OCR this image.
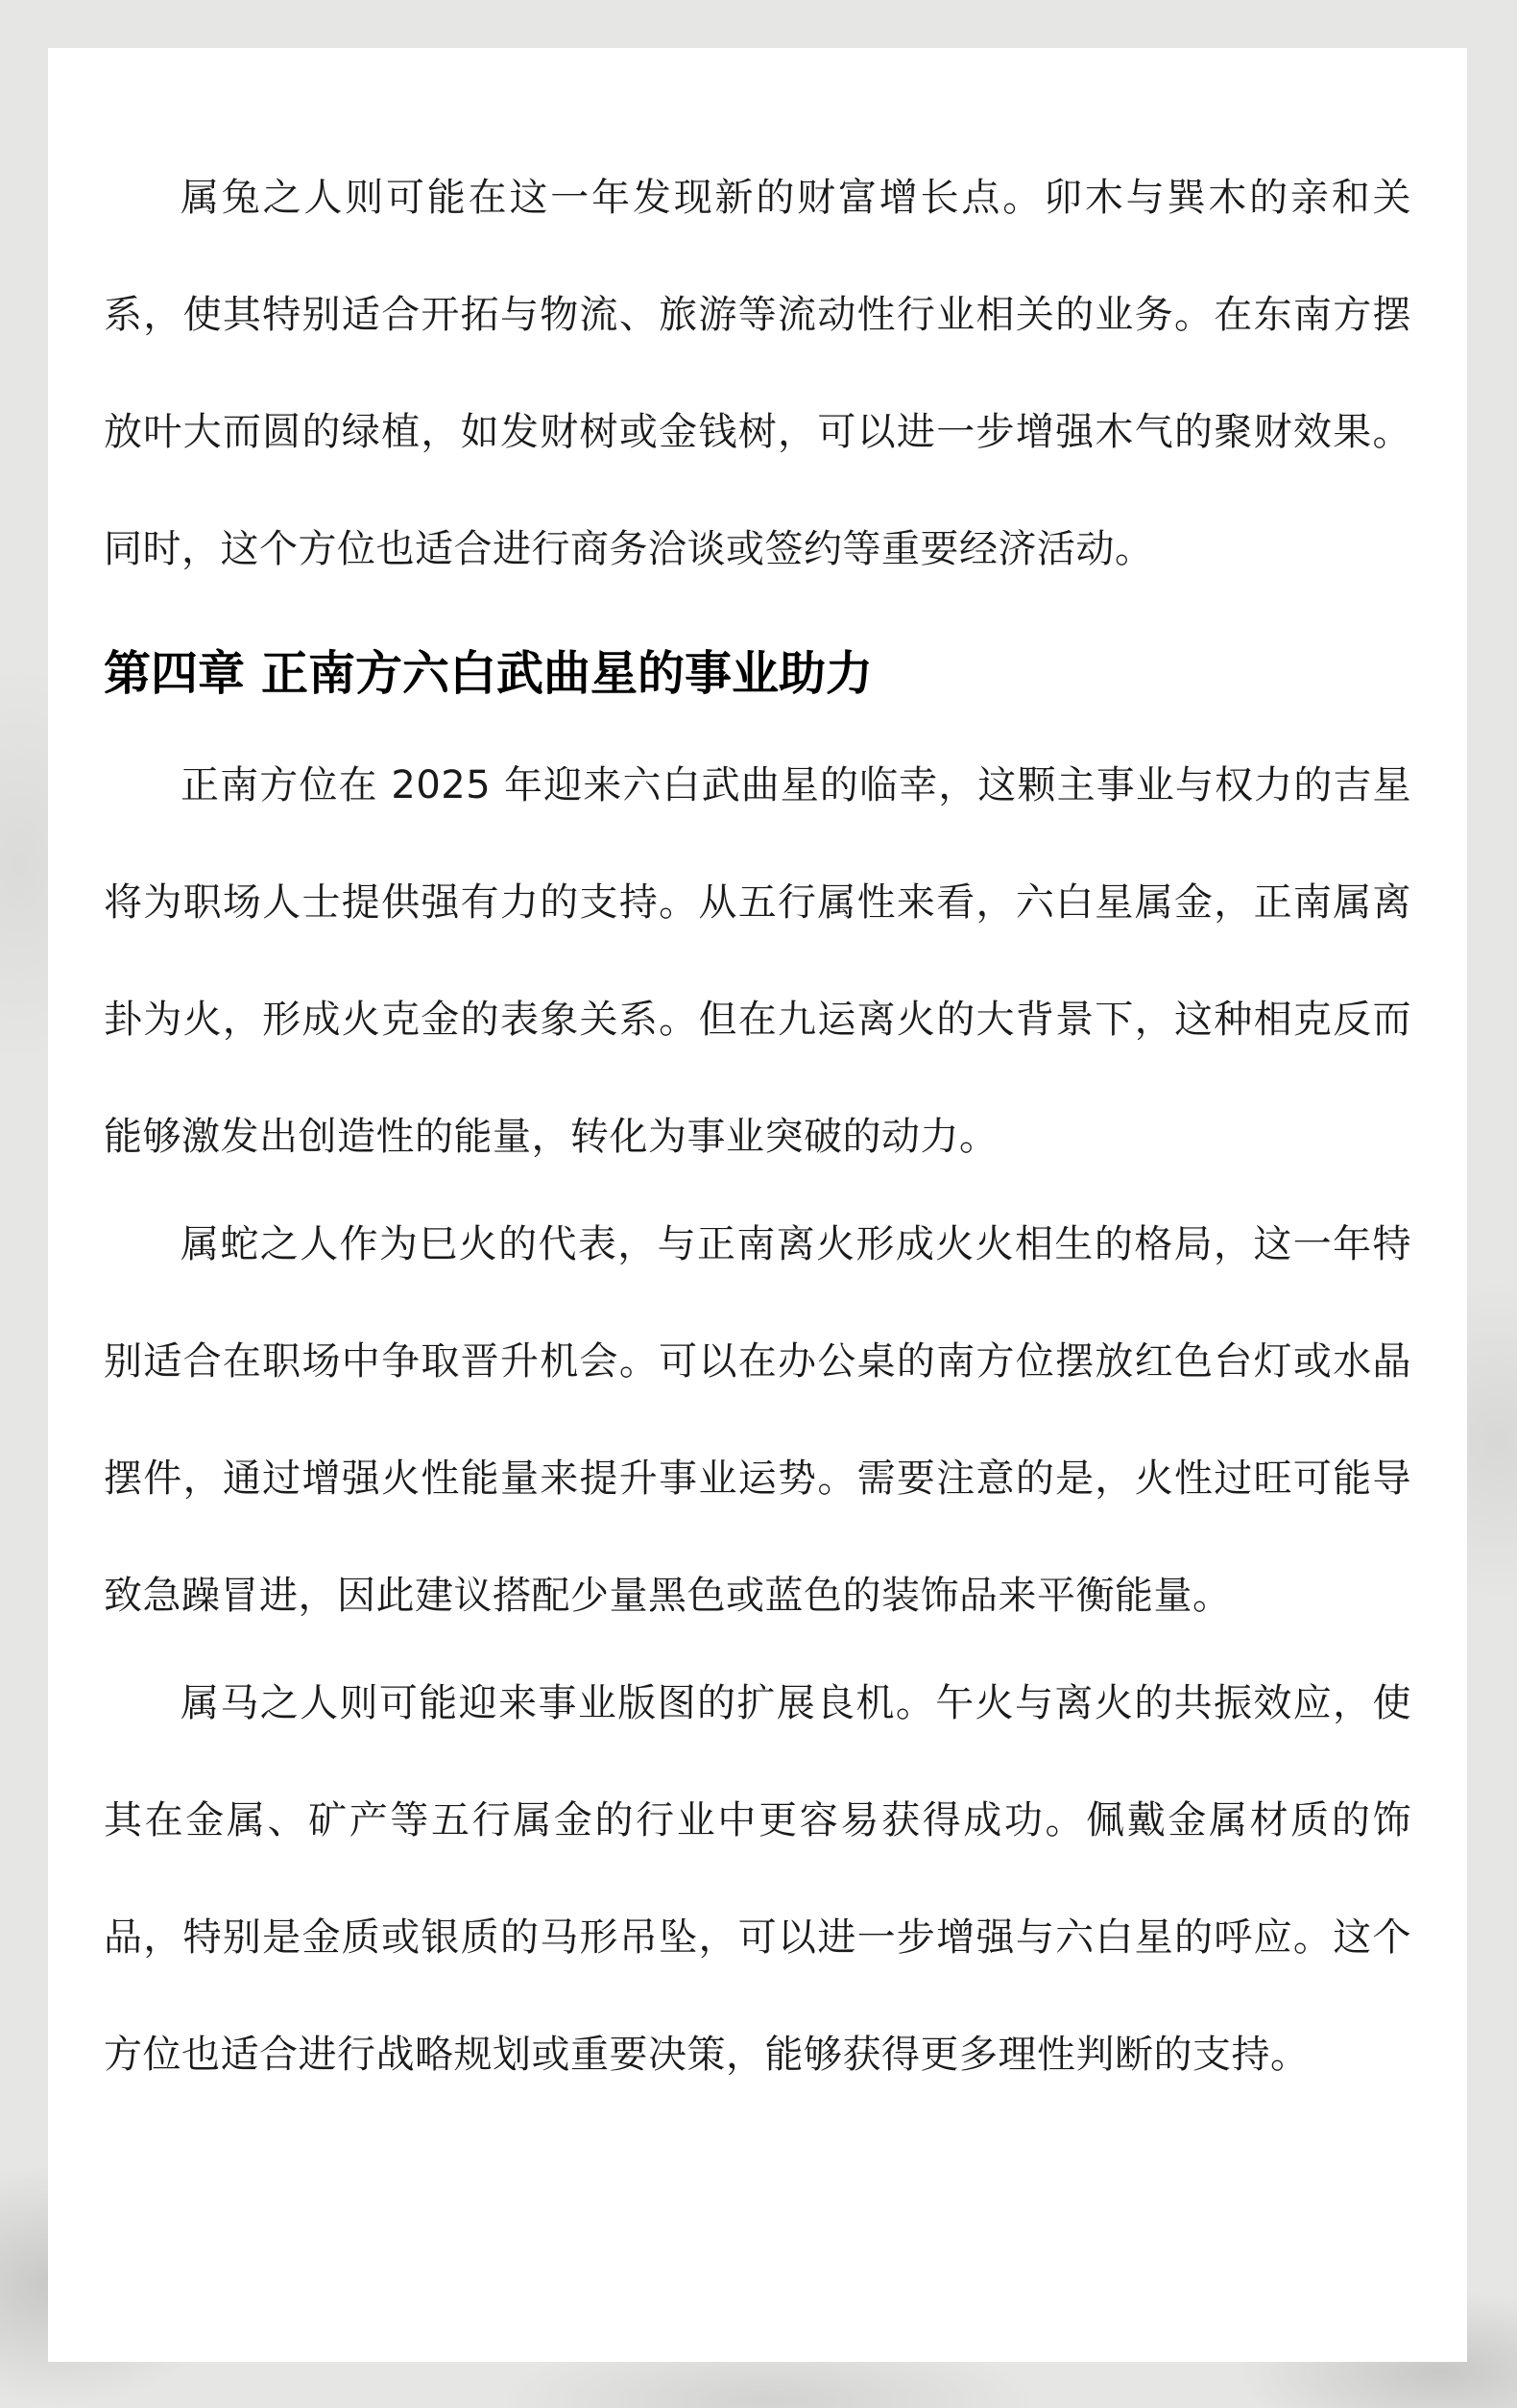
属兔之人则可能在这一年发现新的财富增长点。卯木与巽木的亲和关系，使其特别适合开拓与物流、旅游等流动性行业相关的业务。在东南方摆放叶大而圆的绿植，如发财树或金钱树，可以进一步增强木气的聚财效果。同时，这个方位也适合进行商务洽谈或签约等重要经济活动。

第四章 正南方六白武曲星的事业助力

正南方位在 2025 年迎来六白武曲星的临幸，这颗主事业与权力的吉星将为职场人士提供强有力的支持。从五行属性来看，六白星属金，正南属离卦为火，形成火克金的表象关系。但在九运离火的大背景下，这种相克反而能够激发出创造性的能量，转化为事业突破的动力。

属蛇之人作为巳火的代表，与正南离火形成火火相生的格局，这一年特别适合在职场中争取晋升机会。可以在办公桌的南方位摆放红色台灯或水晶摆件，通过增强火性能量来提升事业运势。需要注意的是，火性过旺可能导致急躁冒进，因此建议搭配少量黑色或蓝色的装饰品来平衡能量。

属马之人则可能迎来事业版图的扩展良机。午火与离火的共振效应，使其在金属、矿产等五行属金的行业中更容易获得成功。佩戴金属材质的饰品，特别是金质或银质的马形吊坠，可以进一步增强与六白星的呼应。这个方位也适合进行战略规划或重要决策，能够获得更多理性判断的支持。
